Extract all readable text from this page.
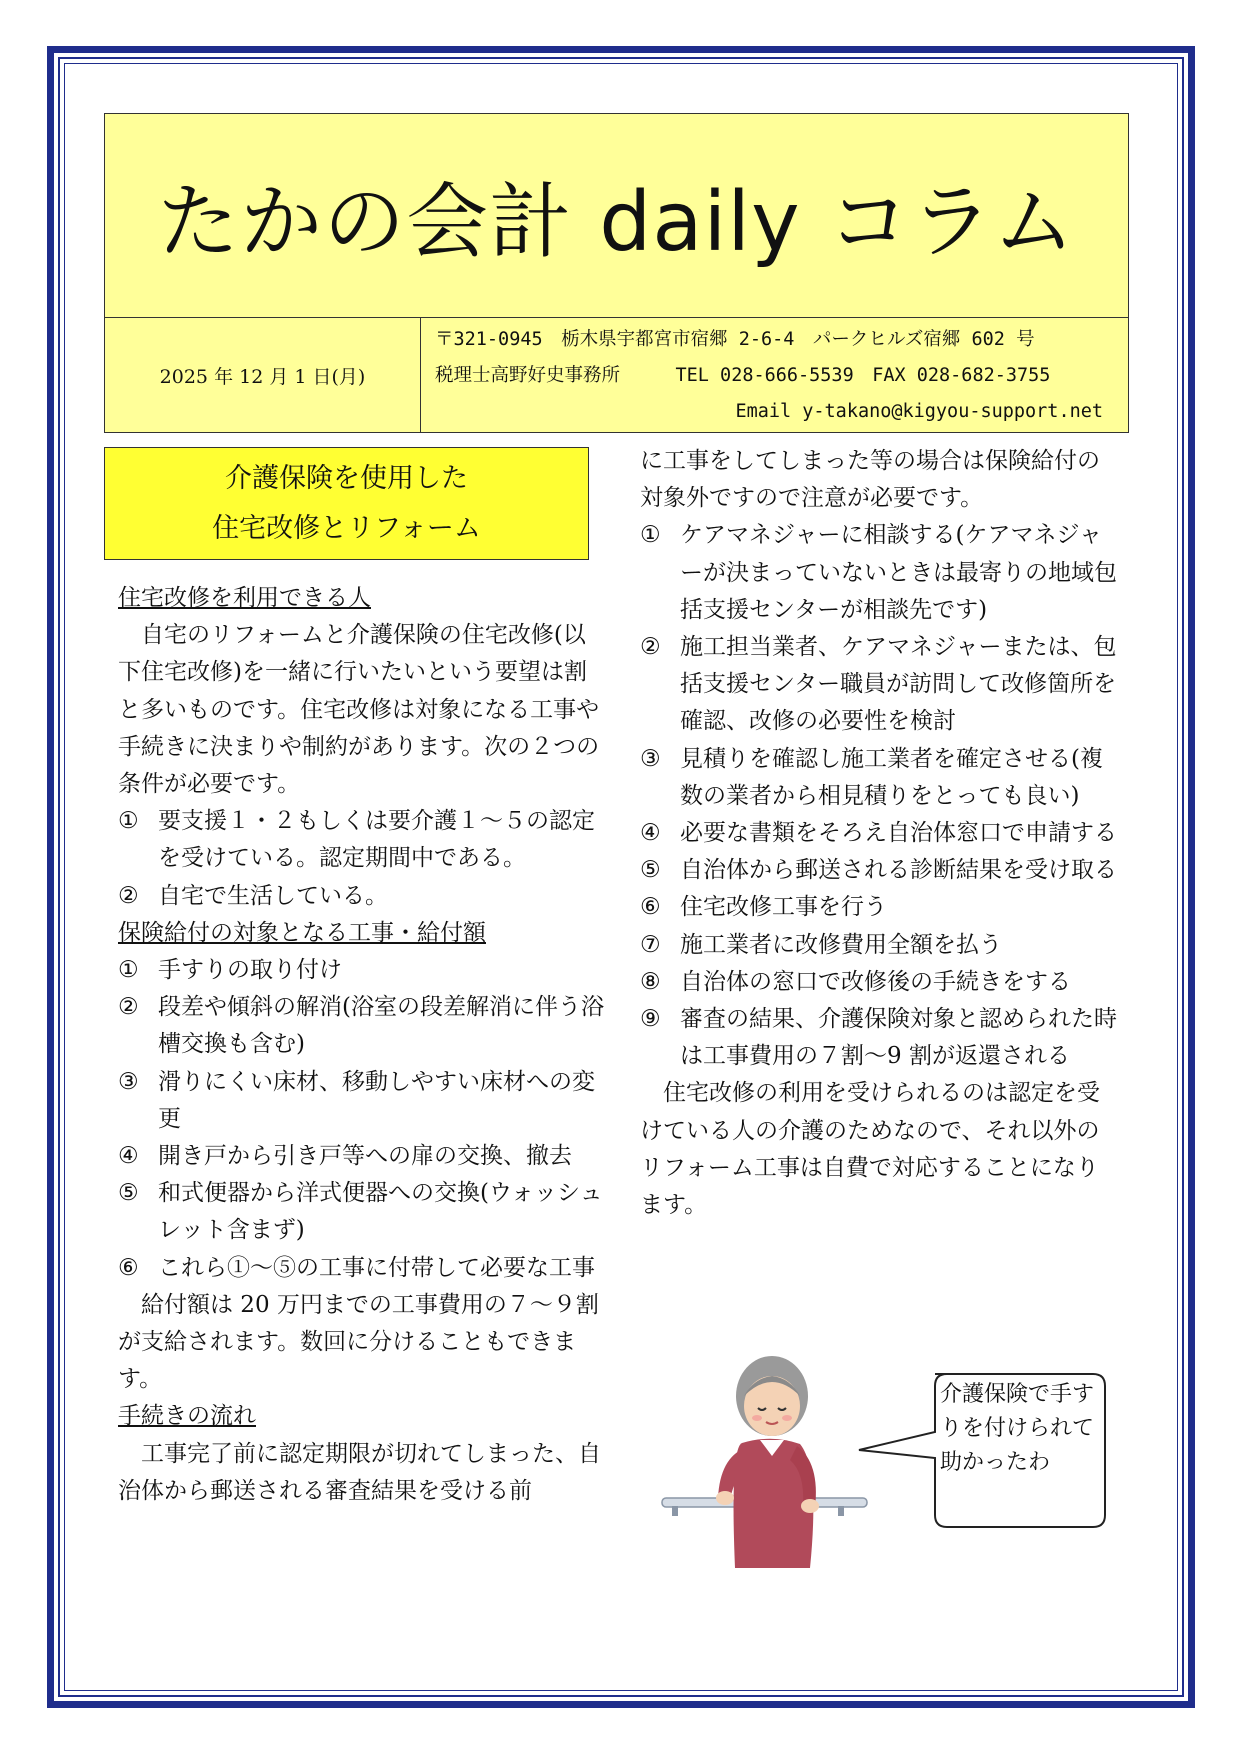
たかの会計 daily コラム
2025 年 12 月 1 日(月)
〒321-0945　栃木県宇都宮市宿郷 2-6-4　パークヒルズ宿郷 602 号
税理士高野好史事務所　　　TEL 028-666-5539　FAX 028-682-3755
Email y-takano@kigyou-support.net
介護保険を使用した
住宅改修とリフォーム

住宅改修を利用できる人

自宅のリフォームと介護保険の住宅改修(以下住宅改修)を一緒に行いたいという要望は割と多いものです。住宅改修は対象になる工事や手続きに決まりや制約があります。次の２つの条件が必要です。

① 要支援１・２もしくは要介護１～５の認定を受けている。認定期間中である。
② 自宅で生活している。

保険給付の対象となる工事・給付額

① 手すりの取り付け
② 段差や傾斜の解消(浴室の段差解消に伴う浴槽交換も含む)
③ 滑りにくい床材、移動しやすい床材への変更
④ 開き戸から引き戸等への扉の交換、撤去
⑤ 和式便器から洋式便器への交換(ウォッシュレット含まず)
⑥ これら①～⑤の工事に付帯して必要な工事

給付額は 20 万円までの工事費用の７～９割が支給されます。数回に分けることもできます。

手続きの流れ

工事完了前に認定期限が切れてしまった、自治体から郵送される審査結果を受ける前

に工事をしてしまった等の場合は保険給付の対象外ですので注意が必要です。

① ケアマネジャーに相談する(ケアマネジャーが決まっていないときは最寄りの地域包括支援センターが相談先です)
② 施工担当業者、ケアマネジャーまたは、包括支援センター職員が訪問して改修箇所を確認、改修の必要性を検討
③ 見積りを確認し施工業者を確定させる(複数の業者から相見積りをとっても良い)
④ 必要な書類をそろえ自治体窓口で申請する
⑤ 自治体から郵送される診断結果を受け取る
⑥ 住宅改修工事を行う
⑦ 施工業者に改修費用全額を払う
⑧ 自治体の窓口で改修後の手続きをする
⑨ 審査の結果、介護保険対象と認められた時は工事費用の７割～9 割が返還される

住宅改修の利用を受けられるのは認定を受けている人の介護のためなので、それ以外のリフォーム工事は自費で対応することになります。

介護保険で手すりを付けられて助かったわ
